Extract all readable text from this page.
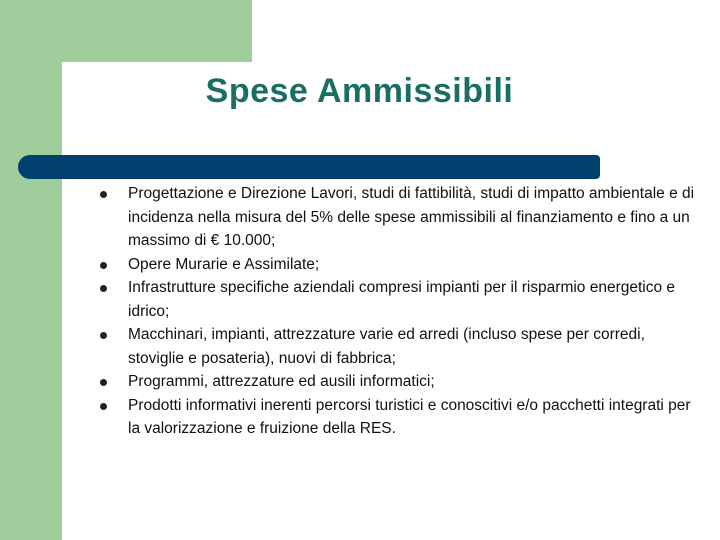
Spese Ammissibili
Progettazione e Direzione Lavori, studi di fattibilità, studi di impatto ambientale e di incidenza nella misura del 5% delle spese ammissibili al finanziamento e fino a un massimo di € 10.000;
Opere Murarie e Assimilate;
Infrastrutture specifiche aziendali compresi impianti per il risparmio energetico e idrico;
Macchinari, impianti, attrezzature varie ed arredi (incluso spese per corredi, stoviglie e posateria), nuovi di fabbrica;
Programmi, attrezzature ed ausili informatici;
Prodotti informativi inerenti percorsi turistici e conoscitivi e/o pacchetti integrati per la valorizzazione e fruizione della RES.
